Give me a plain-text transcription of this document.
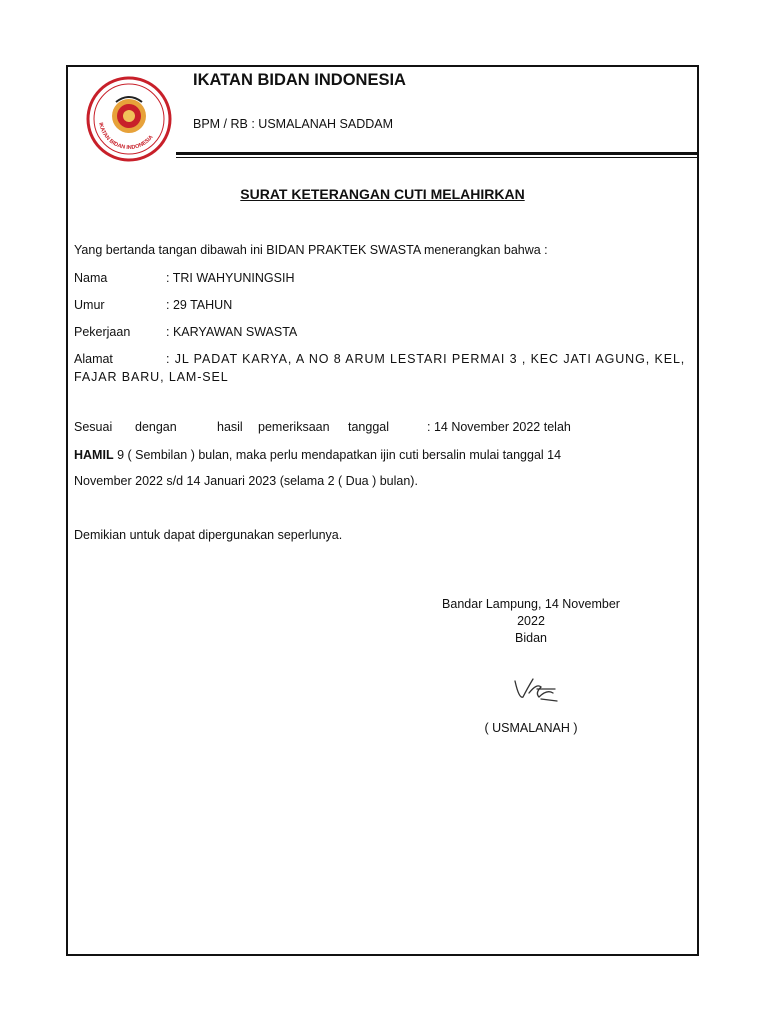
IKATAN BIDAN INDONESIA
IKATAN BIDAN INDONESIA
BPM / RB : USMALANAH SADDAM
SURAT KETERANGAN CUTI MELAHIRKAN
Yang bertanda tangan dibawah ini BIDAN PRAKTEK SWASTA menerangkan bahwa :
Nama	: TRI WAHYUNINGSIH
Umur	: 29 TAHUN
Pekerjaan	: KARYAWAN SWASTA
Alamat	: JL PADAT KARYA, A NO 8 ARUM LESTARI PERMAI 3 , KEC JATI AGUNG, KEL,
FAJAR BARU, LAM-SEL
Sesuai dengan	hasil pemeriksaan tanggal	: 14 November 2022 telah
HAMIL 9 ( Sembilan ) bulan, maka perlu mendapatkan ijin cuti bersalin mulai tanggal 14
November 2022 s/d 14 Januari 2023 (selama 2 ( Dua ) bulan).
Demikian untuk dapat dipergunakan seperlunya.
Bandar Lampung, 14 November
2022
Bidan
( USMALANAH )
